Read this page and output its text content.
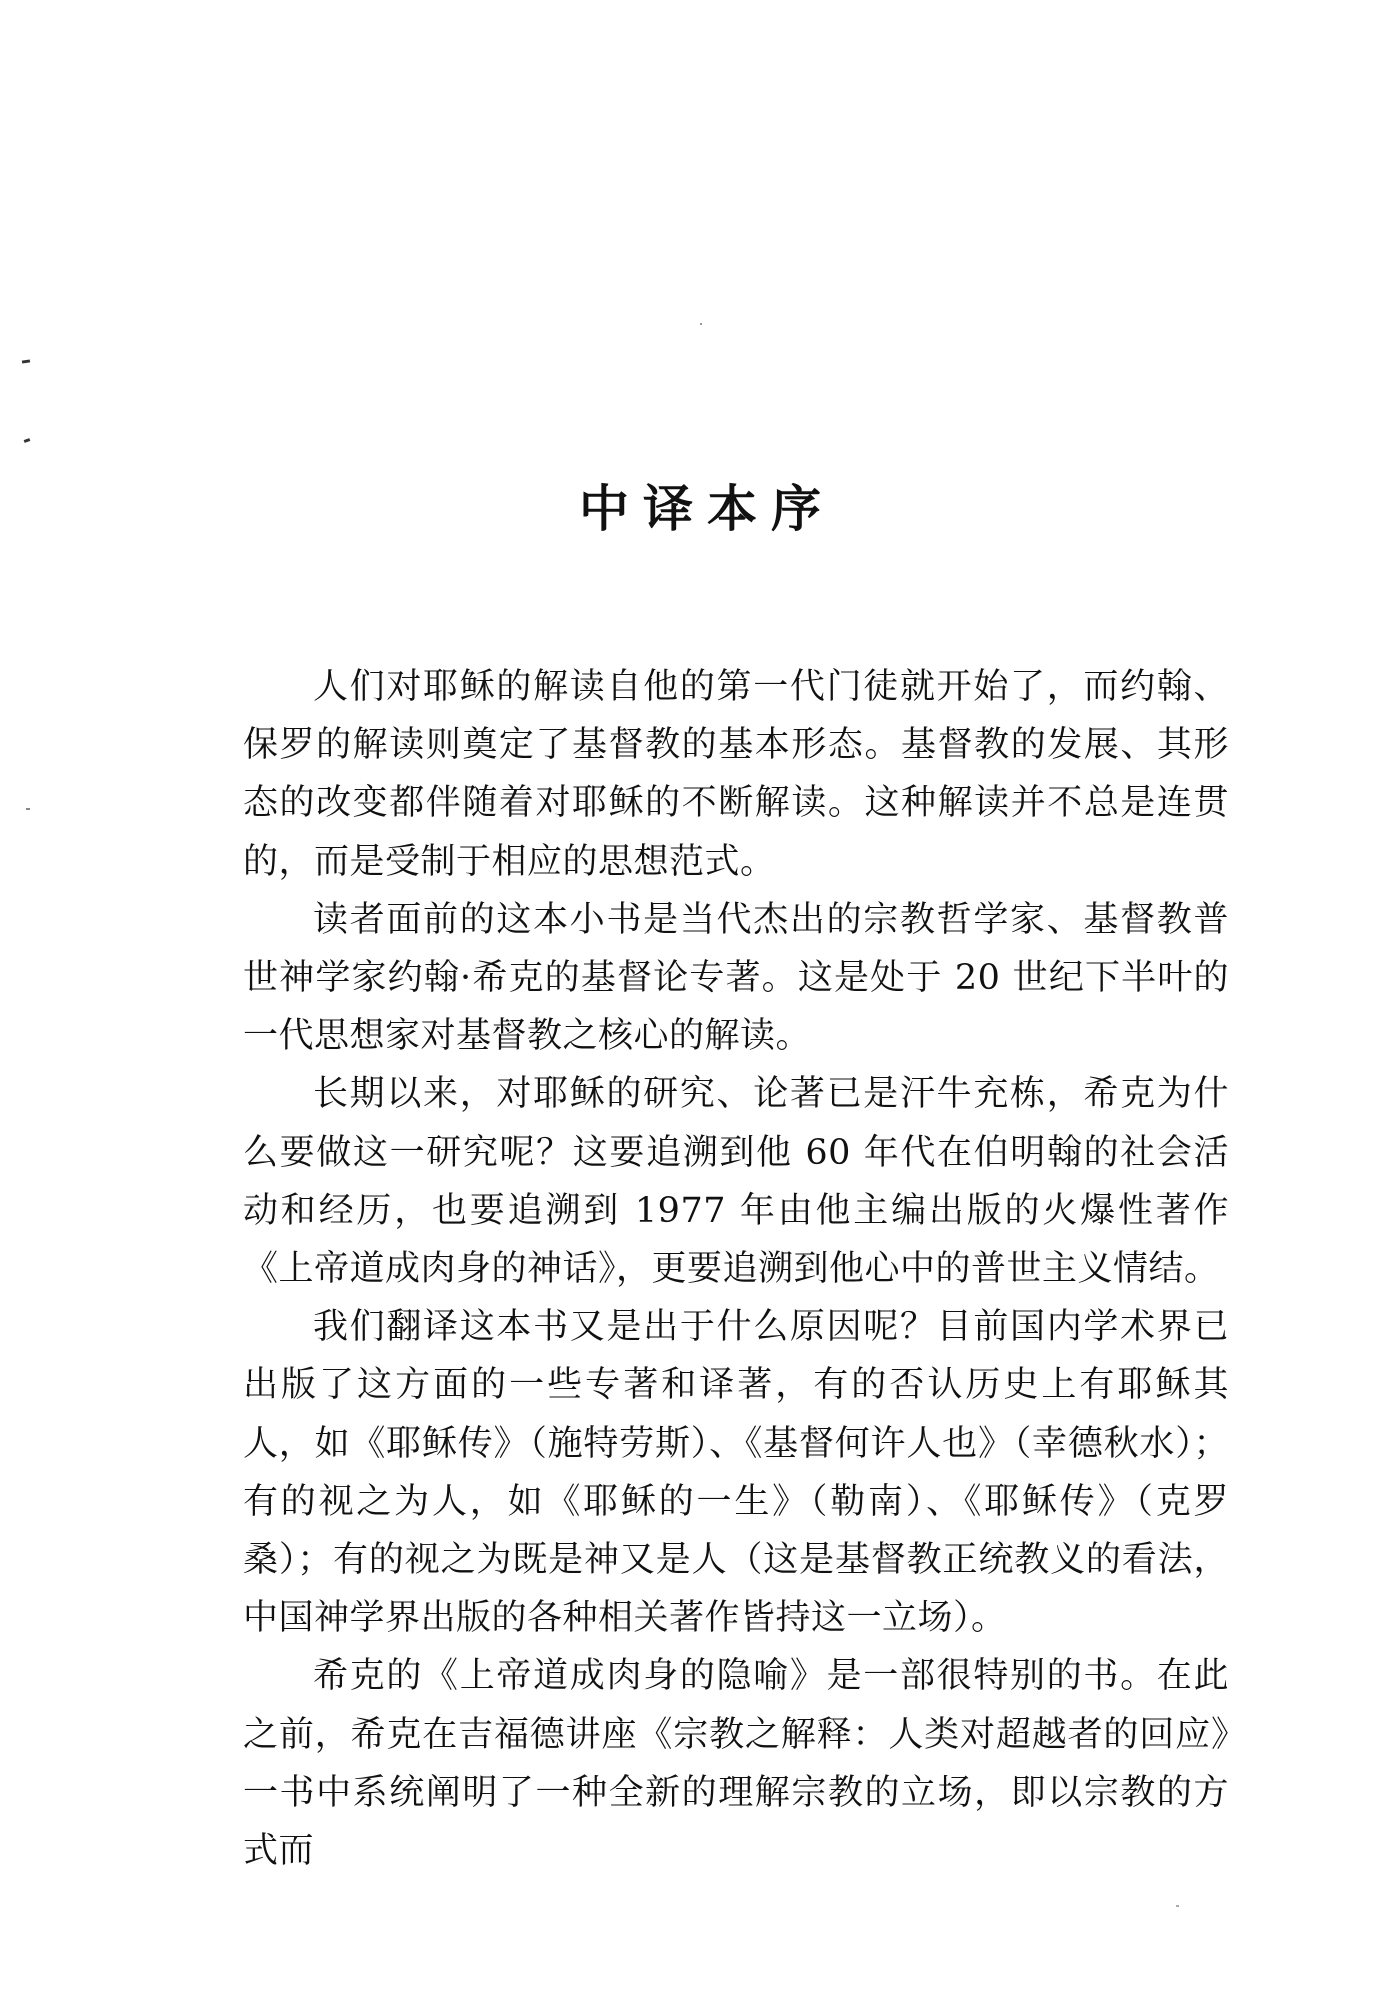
中译本序

人们对耶稣的解读自他的第一代门徒就开始了，而约翰、保罗的解读则奠定了基督教的基本形态。基督教的发展、其形态的改变都伴随着对耶稣的不断解读。这种解读并不总是连贯的，而是受制于相应的思想范式。

读者面前的这本小书是当代杰出的宗教哲学家、基督教普世神学家约翰·希克的基督论专著。这是处于 20 世纪下半叶的一代思想家对基督教之核心的解读。

长期以来，对耶稣的研究、论著已是汗牛充栋，希克为什么要做这一研究呢？这要追溯到他 60 年代在伯明翰的社会活动和经历，也要追溯到 1977 年由他主编出版的火爆性著作《上帝道成肉身的神话》，更要追溯到他心中的普世主义情结。

我们翻译这本书又是出于什么原因呢？目前国内学术界已出版了这方面的一些专著和译著，有的否认历史上有耶稣其人，如《耶稣传》（施特劳斯）、《基督何许人也》（幸德秋水）；有的视之为人，如《耶稣的一生》（勒南）、《耶稣传》（克罗桑）；有的视之为既是神又是人（这是基督教正统教义的看法，中国神学界出版的各种相关著作皆持这一立场）。

希克的《上帝道成肉身的隐喻》是一部很特别的书。在此之前，希克在吉福德讲座《宗教之解释：人类对超越者的回应》一书中系统阐明了一种全新的理解宗教的立场，即以宗教的方式而
